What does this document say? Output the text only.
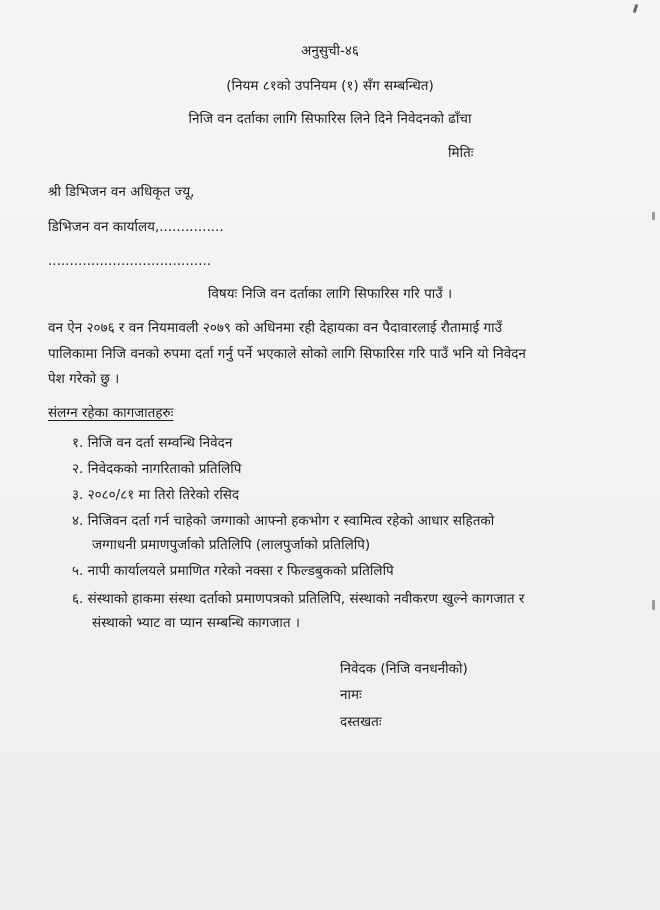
अनुसुची-४६
(नियम ८१को उपनियम (१) सँग सम्बन्धित)
निजि वन दर्ताका लागि सिफारिस लिने दिने निवेदनको ढाँचा
मितिः
श्री डिभिजन वन अधिकृत ज्यू,
डिभिजन वन कार्यालय,...............
......................................
विषयः निजि वन दर्ताका लागि सिफारिस गरि पाउँ ।
वन ऐन २०७६ र वन नियमावली २०७९ को अधिनमा रही देहायका वन पैदावारलाई रौतामाई गाउँ
पालिकामा निजि वनको रुपमा दर्ता गर्नु पर्ने भएकाले सोको लागि सिफारिस गरि पाउँ भनि यो निवेदन
पेश गरेको छु ।
संलग्न रहेका कागजातहरुः
१. निजि वन दर्ता सम्वन्धि निवेदन
२. निवेदकको नागरिताको प्रतिलिपि
३. २०८०/८१ मा तिरो तिरेको रसिद
४. निजिवन दर्ता गर्न चाहेको जग्गाको आफ्नो हकभोग र स्वामित्व रहेको आधार सहितको
जग्गाधनी प्रमाणपुर्जाको प्रतिलिपि (लालपुर्जाको प्रतिलिपि)
५. नापी कार्यालयले प्रमाणित गरेको नक्सा र फिल्डबुकको प्रतिलिपि
६. संस्थाको हाकमा संस्था दर्ताको प्रमाणपत्रको प्रतिलिपि, संस्थाको नवीकरण खुल्ने कागजात र
संस्थाको भ्याट वा प्यान सम्बन्धि कागजात ।
निवेदक (निजि वनधनीको)
नामः
दस्तखतः
